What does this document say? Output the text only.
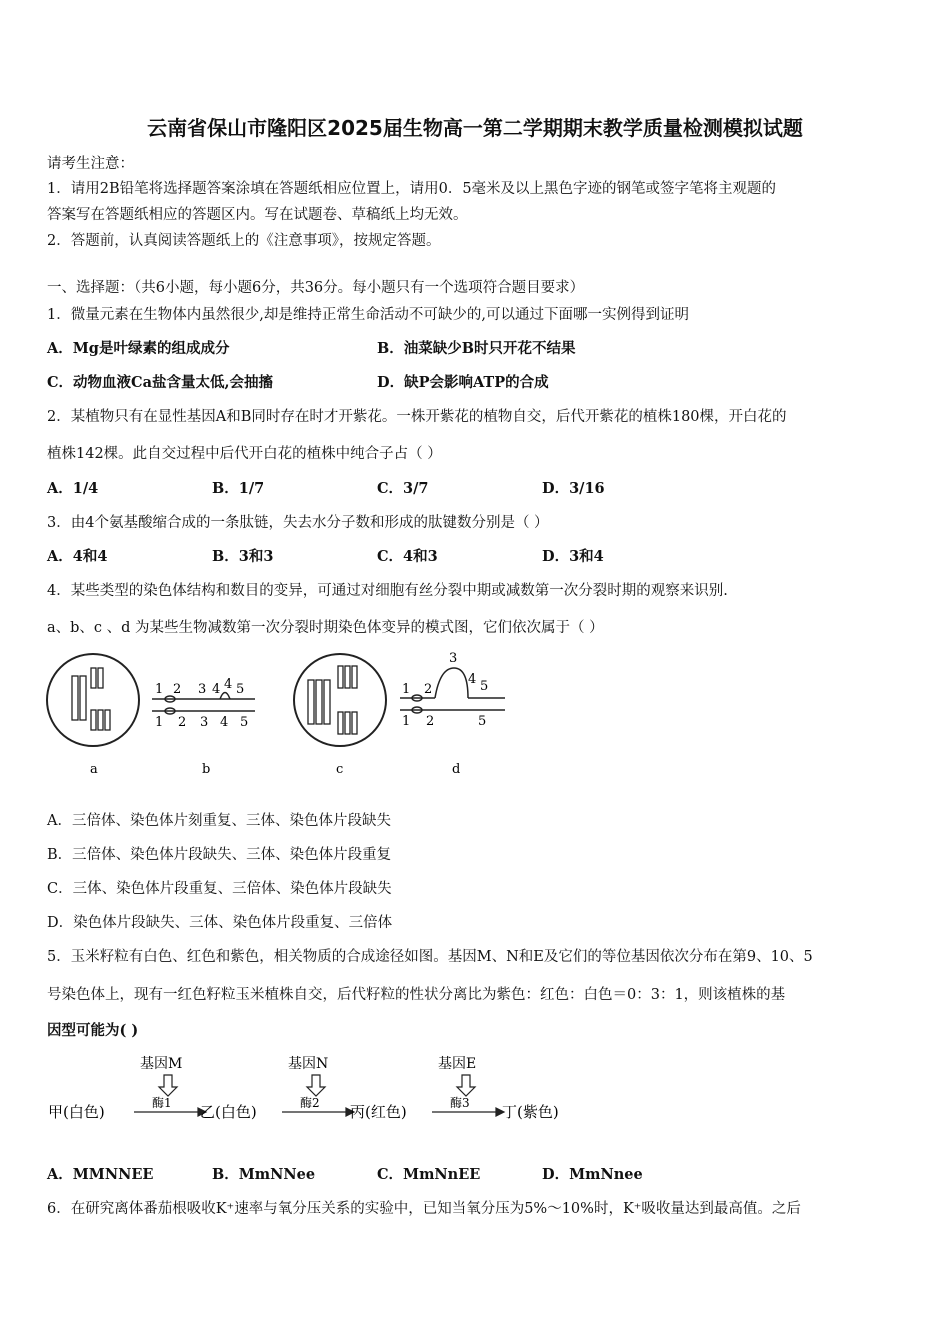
云南省保山市隆阳区2025届生物高一第二学期期末教学质量检测模拟试题
请考生注意：
1．请用2B铅笔将选择题答案涂填在答题纸相应位置上，请用0．5毫米及以上黑色字迹的钢笔或签字笔将主观题的
答案写在答题纸相应的答题区内。写在试题卷、草稿纸上均无效。
2．答题前，认真阅读答题纸上的《注意事项》，按规定答题。
一、选择题：（共6小题，每小题6分，共36分。每小题只有一个选项符合题目要求）
1．微量元素在生物体内虽然很少,却是维持正常生命活动不可缺少的,可以通过下面哪一实例得到证明
A．Mg是叶绿素的组成成分	B．油菜缺少B时只开花不结果
C．动物血液Ca盐含量太低,会抽搐	D．缺P会影响ATP的合成
2．某植物只有在显性基因A和B同时存在时才开紫花。一株开紫花的植物自交，后代开紫花的植株180棵，开白花的
植株142棵。此自交过程中后代开白花的植株中纯合子占（ ）
A．1/4	B．1/7	C．3/7	D．3/16
3．由4个氨基酸缩合成的一条肽链，失去水分子数和形成的肽键数分别是（ ）
A．4和4	B．3和3	C．4和3	D．3和4
4．某些类型的染色体结构和数目的变异，可通过对细胞有丝分裂中期或减数第一次分裂时期的观察来识别.
a、b、c 、d 为某些生物减数第一次分裂时期染色体变异的模式图，它们依次属于（ ）
a
1 2 3 4 4 5
1 2 3 4 5
b	c
1 2
3
4 5
1 2	5
d
A．三倍体、染色体片刻重复、三体、染色体片段缺失
B．三倍体、染色体片段缺失、三体、染色体片段重复
C．三体、染色体片段重复、三倍体、染色体片段缺失
D．染色体片段缺失、三体、染色体片段重复、三倍体
5．玉米籽粒有白色、红色和紫色，相关物质的合成途径如图。基因M、N和E及它们的等位基因依次分布在第9、10、5
号染色体上，现有一红色籽粒玉米植株自交，后代籽粒的性状分离比为紫色：红色：白色＝0：3：1，则该植株的基
因型可能为( )
基因M	基因N	基因E
酶1	酶2	酶3
甲(白色)	乙(白色)	丙(红色)	丁(紫色)
A．MMNNEE	B．MmNNee	C．MmNnEE	D．MmNnee
6．在研究离体番茄根吸收K⁺速率与氧分压关系的实验中，已知当氧分压为5%～10%时，K⁺吸收量达到最高值。之后
